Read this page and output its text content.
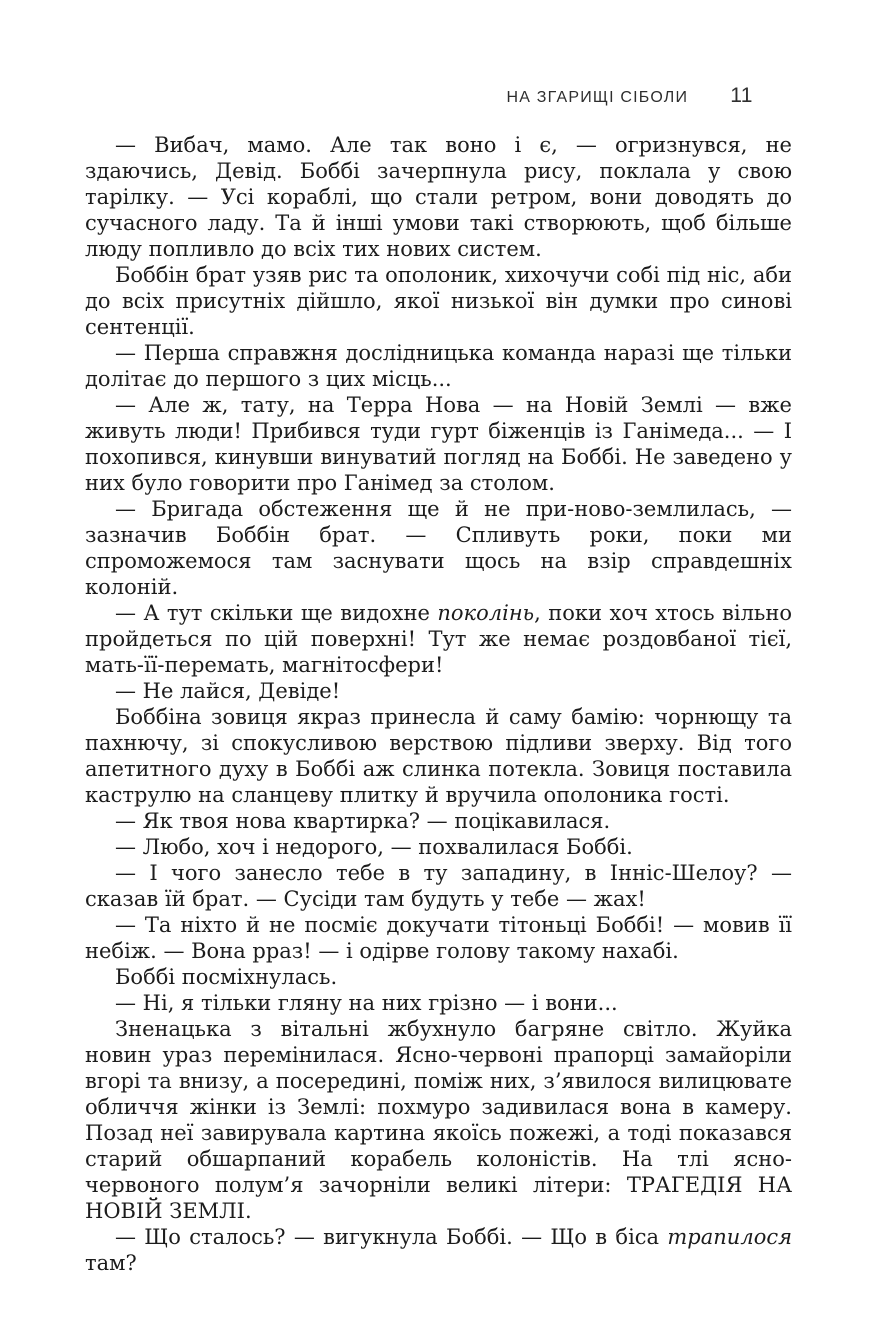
НА ЗГАРИЩІ СІБОЛИ 11

— Вибач, мамо. Але так воно і є, — огризнувся, не здаючись, Девід. Боббі зачерпнула рису, поклала у свою тарілку. — Усі кораблі, що стали ретром, вони доводять до сучасного ладу. Та й інші умови такі створюють, щоб більше люду попливло до всіх тих нових систем.

Боббін брат узяв рис та ополоник, хихочучи собі під ніс, аби до всіх присутніх дійшло, якої низької він думки про синові сентенції.

— Перша справжня дослідницька команда наразі ще тільки долітає до першого з цих місць...

— Але ж, тату, на Терра Нова — на Новій Землі — вже живуть люди! Прибився туди гурт біженців із Ганімеда... — І похопився, кинувши винуватий погляд на Боббі. Не заведено у них було говорити про Ганімед за столом.

— Бригада обстеження ще й не при-ново-землилась, — зазначив Боббін брат. — Спливуть роки, поки ми спроможемося там заснувати щось на взір справдешніх колоній.

— А тут скільки ще видохне поколінь, поки хоч хтось вільно пройдеться по цій поверхні! Тут же немає роздовбаної тієї, мать-її-перемать, магнітосфери!

— Не лайся, Девіде!

Боббіна зовиця якраз принесла й саму бамію: чорнющу та пахнючу, зі спокусливою верствою підливи зверху. Від того апетитного духу в Боббі аж слинка потекла. Зовиця поставила каструлю на сланцеву плитку й вручила ополоника гості.

— Як твоя нова квартирка? — поцікавилася.

— Любо, хоч і недорого, — похвалилася Боббі.

— І чого занесло тебе в ту западину, в Інніс-Шелоу? — сказав їй брат. — Сусіди там будуть у тебе — жах!

— Та ніхто й не посміє докучати тітоньці Боббі! — мовив її небіж. — Вона рраз! — і одірве голову такому нахабі.

Боббі посміхнулась.

— Ні, я тільки гляну на них грізно — і вони...

Зненацька з вітальні жбухнуло багряне світло. Жуйка новин ураз перемінилася. Ясно-червоні прапорці замайоріли вгорі та внизу, а посередині, поміж них, з’явилося вилицювате обличчя жінки із Землі: похмуро задивилася вона в камеру. Позад неї завирувала картина якоїсь пожежі, а тоді показався старий обшарпаний корабель колоністів. На тлі ясно-червоного полум’я зачорніли великі літери: ТРАГЕДІЯ НА НОВІЙ ЗЕМЛІ.

— Що сталось? — вигукнула Боббі. — Що в біса трапилося там?
